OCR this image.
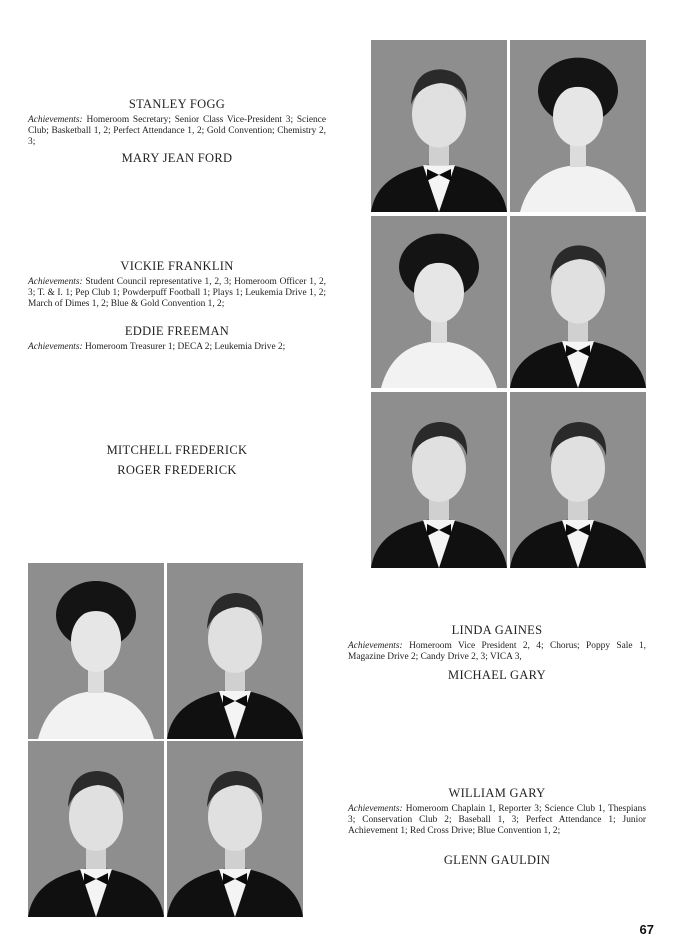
STANLEY FOGG
Achievements: Homeroom Secretary; Senior Class Vice-President 3; Science Club; Basketball 1, 2; Perfect Attendance 1, 2; Gold Convention; Chemistry 2, 3;
MARY JEAN FORD
VICKIE FRANKLIN
Achievements: Student Council representative 1, 2, 3; Homeroom Officer 1, 2, 3; T. & I. 1; Pep Club 1; Powderpuff Football 1; Plays 1; Leukemia Drive 1, 2; March of Dimes 1, 2; Blue & Gold Convention 1, 2;
EDDIE FREEMAN
Achievements: Homeroom Treasurer 1; DECA 2; Leukemia Drive 2;
MITCHELL FREDERICK
ROGER FREDERICK
LINDA GAINES
Achievements: Homeroom Vice President 2, 4; Chorus; Poppy Sale 1, Magazine Drive 2; Candy Drive 2, 3; VICA 3,
MICHAEL GARY
WILLIAM GARY
Achievements: Homeroom Chaplain 1, Reporter 3; Science Club 1, Thespians 3; Conservation Club 2; Baseball 1, 3; Perfect Attendance 1; Junior Achievement 1; Red Cross Drive; Blue Convention 1, 2;
GLENN GAULDIN
67
